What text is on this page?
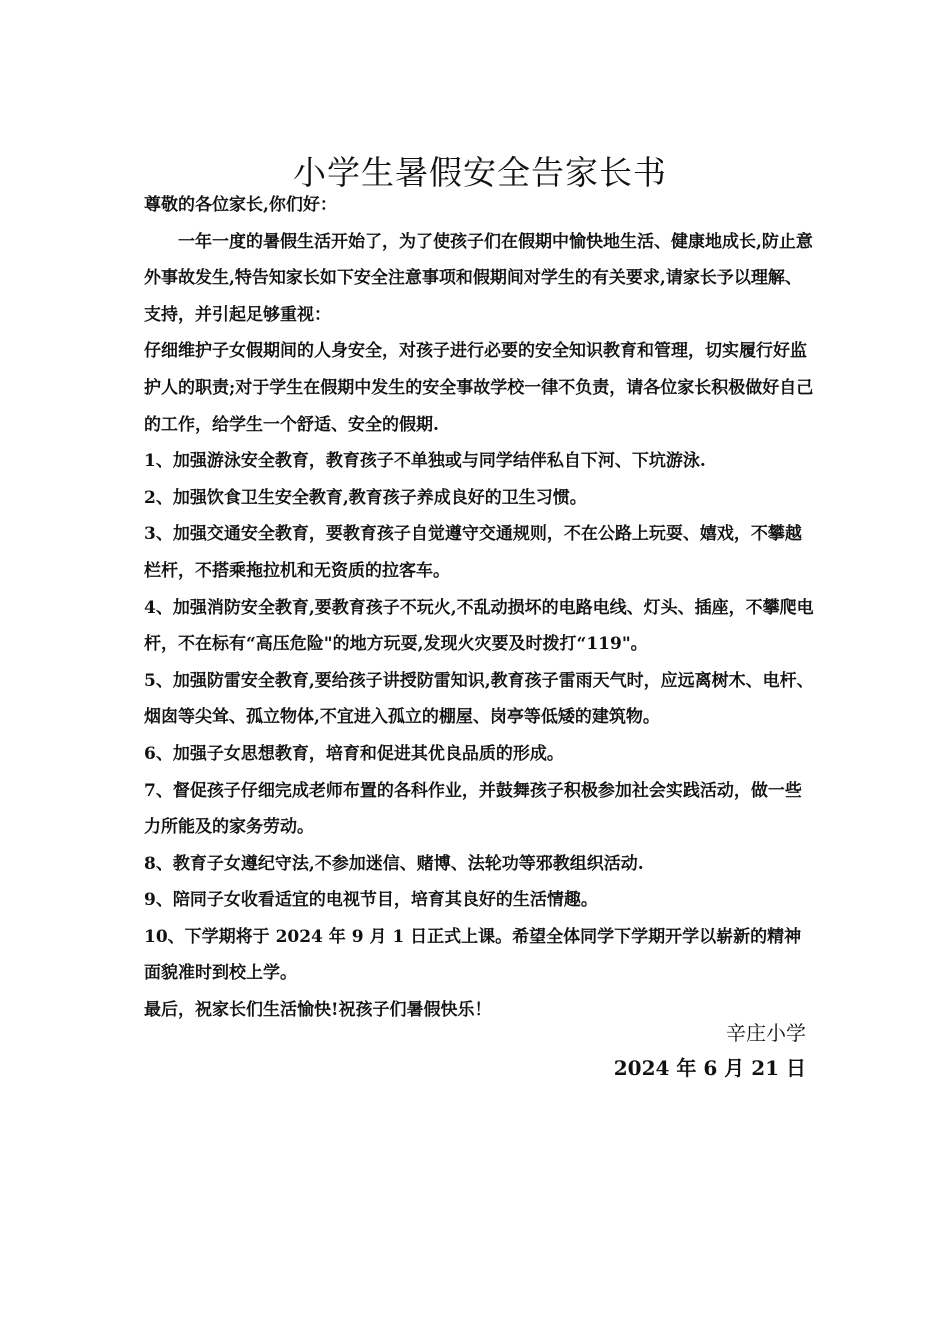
小学生暑假安全告家长书

尊敬的各位家长,你们好：

一年一度的暑假生活开始了，为了使孩子们在假期中愉快地生活、健康地成长,防止意外事故发生,特告知家长如下安全注意事项和假期间对学生的有关要求,请家长予以理解、支持，并引起足够重视：

仔细维护子女假期间的人身安全，对孩子进行必要的安全知识教育和管理，切实履行好监护人的职责;对于学生在假期中发生的安全事故学校一律不负责，请各位家长积极做好自己的工作，给学生一个舒适、安全的假期.

1、加强游泳安全教育，教育孩子不单独或与同学结伴私自下河、下坑游泳.

2、加强饮食卫生安全教育,教育孩子养成良好的卫生习惯。

3、加强交通安全教育，要教育孩子自觉遵守交通规则，不在公路上玩耍、嬉戏，不攀越栏杆，不搭乘拖拉机和无资质的拉客车。

4、加强消防安全教育,要教育孩子不玩火,不乱动损坏的电路电线、灯头、插座，不攀爬电杆，不在标有“高压危险"的地方玩耍,发现火灾要及时拨打“119"。

5、加强防雷安全教育,要给孩子讲授防雷知识,教育孩子雷雨天气时，应远离树木、电杆、烟囱等尖耸、孤立物体,不宜进入孤立的棚屋、岗亭等低矮的建筑物。

6、加强子女思想教育，培育和促进其优良品质的形成。

7、督促孩子仔细完成老师布置的各科作业，并鼓舞孩子积极参加社会实践活动，做一些力所能及的家务劳动。

8、教育子女遵纪守法,不参加迷信、赌博、法轮功等邪教组织活动.

9、陪同子女收看适宜的电视节目，培育其良好的生活情趣。

10、下学期将于 2024 年 9 月 1 日正式上课。希望全体同学下学期开学以崭新的精神面貌准时到校上学。

最后，祝家长们生活愉快!祝孩子们暑假快乐！

辛庄小学
2024 年 6 月 21 日
